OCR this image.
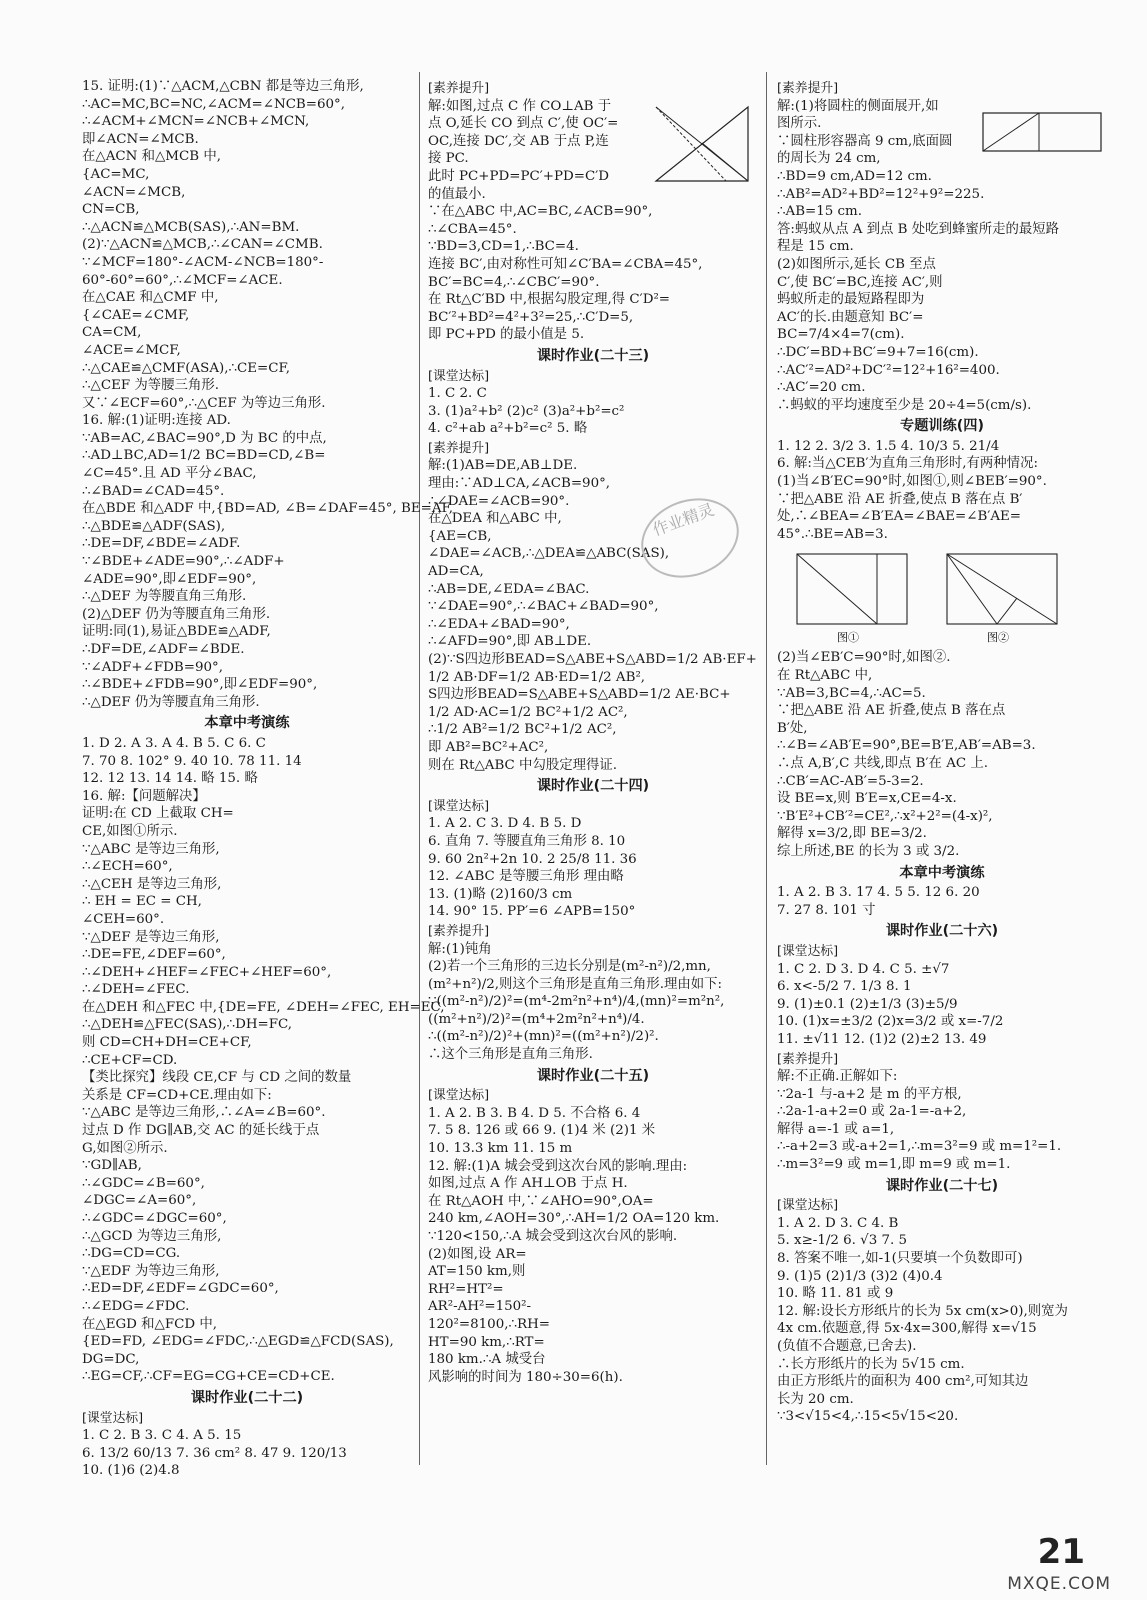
15. 证明:(1)∵△ACM,△CBN 都是等边三角形,
∴AC=MC,BC=NC,∠ACM=∠NCB=60°,
∴∠ACM+∠MCN=∠NCB+∠MCN,
即∠ACN=∠MCB.
在△ACN 和△MCB 中,
{AC=MC,
∠ACN=∠MCB,
CN=CB,
∴△ACN≌△MCB(SAS),∴AN=BM.
(2)∵△ACN≌△MCB,∴∠CAN=∠CMB.
∵∠MCF=180°-∠ACM-∠NCB=180°-
60°-60°=60°,∴∠MCF=∠ACE.
在△CAE 和△CMF 中,
{∠CAE=∠CMF,
CA=CM,
∠ACE=∠MCF,
∴△CAE≌△CMF(ASA),∴CE=CF,
∴△CEF 为等腰三角形.
又∵∠ECF=60°,∴△CEF 为等边三角形.
16. 解:(1)证明:连接 AD.
∵AB=AC,∠BAC=90°,D 为 BC 的中点,
∴AD⊥BC,AD=1/2 BC=BD=CD,∠B=
∠C=45°.且 AD 平分∠BAC,
∴∠BAD=∠CAD=45°.
在△BDE 和△ADF 中,{BD=AD, ∠B=∠DAF=45°, BE=AF,
∴△BDE≌△ADF(SAS),
∴DE=DF,∠BDE=∠ADF.
∵∠BDE+∠ADE=90°,∴∠ADF+
∠ADE=90°,即∠EDF=90°,
∴△DEF 为等腰直角三角形.
(2)△DEF 仍为等腰直角三角形.
证明:同(1),易证△BDE≌△ADF,
∴DF=DE,∠ADF=∠BDE.
∵∠ADF+∠FDB=90°,
∴∠BDE+∠FDB=90°,即∠EDF=90°,
∴△DEF 仍为等腰直角三角形.
本章中考演练
1. D 2. A 3. A 4. B 5. C 6. C
7. 70 8. 102° 9. 40 10. 78 11. 14
12. 12 13. 14 14. 略 15. 略
16. 解:【问题解决】
证明:在 CD 上截取 CH=
CE,如图①所示.
∵△ABC 是等边三角形,
∴∠ECH=60°,
∴△CEH 是等边三角形,
∴ EH = EC = CH,
∠CEH=60°.
∵△DEF 是等边三角形,
∴DE=FE,∠DEF=60°,
∴∠DEH+∠HEF=∠FEC+∠HEF=60°,
∴∠DEH=∠FEC.
在△DEH 和△FEC 中,{DE=FE, ∠DEH=∠FEC, EH=EC,
∴△DEH≌△FEC(SAS),∴DH=FC,
则 CD=CH+DH=CE+CF,
∴CE+CF=CD.
【类比探究】线段 CE,CF 与 CD 之间的数量
关系是 CF=CD+CE.理由如下:
∵△ABC 是等边三角形,∴∠A=∠B=60°.
过点 D 作 DG∥AB,交 AC 的延长线于点
G,如图②所示.
∵GD∥AB,
∴∠GDC=∠B=60°,
∠DGC=∠A=60°,
∴∠GDC=∠DGC=60°,
∴△GCD 为等边三角形,
∴DG=CD=CG.
∵△EDF 为等边三角形,
∴ED=DF,∠EDF=∠GDC=60°,
∴∠EDG=∠FDC.
在△EGD 和△FCD 中,
{ED=FD, ∠EDG=∠FDC,∴△EGD≌△FCD(SAS),
DG=DC,
∴EG=CF,∴CF=EG=CG+CE=CD+CE.
课时作业(二十二)
[课堂达标]
1. C 2. B 3. C 4. A 5. 15
6. 13/2 60/13 7. 36 cm² 8. 47 9. 120/13
10. (1)6 (2)4.8
[素养提升]
解:如图,过点 C 作 CO⊥AB 于
点 O,延长 CO 到点 C′,使 OC′=
OC,连接 DC′,交 AB 于点 P,连
接 PC.
此时 PC+PD=PC′+PD=C′D
的值最小.
∵在△ABC 中,AC=BC,∠ACB=90°,
∴∠CBA=45°.
∵BD=3,CD=1,∴BC=4.
连接 BC′,由对称性可知∠C′BA=∠CBA=45°,
BC′=BC=4,∴∠CBC′=90°.
在 Rt△C′BD 中,根据勾股定理,得 C′D²=
BC′²+BD²=4²+3²=25,∴C′D=5,
即 PC+PD 的最小值是 5.
课时作业(二十三)
[课堂达标]
1. C 2. C
3. (1)a²+b² (2)c² (3)a²+b²=c²
4. c²+ab a²+b²=c² 5. 略
[素养提升]
解:(1)AB=DE,AB⊥DE.
理由:∵AD⊥CA,∠ACB=90°,
∴∠DAE=∠ACB=90°.
在△DEA 和△ABC 中,
{AE=CB,
∠DAE=∠ACB,∴△DEA≌△ABC(SAS),
AD=CA,
∴AB=DE,∠EDA=∠BAC.
∵∠DAE=90°,∴∠BAC+∠BAD=90°,
∴∠EDA+∠BAD=90°,
∴∠AFD=90°,即 AB⊥DE.
(2)∵S四边形BEAD=S△ABE+S△ABD=1/2 AB·EF+
1/2 AB·DF=1/2 AB·ED=1/2 AB²,
S四边形BEAD=S△ABE+S△ABD=1/2 AE·BC+
1/2 AD·AC=1/2 BC²+1/2 AC²,
∴1/2 AB²=1/2 BC²+1/2 AC²,
即 AB²=BC²+AC²,
则在 Rt△ABC 中勾股定理得证.
课时作业(二十四)
[课堂达标]
1. A 2. C 3. D 4. B 5. D
6. 直角 7. 等腰直角三角形 8. 10
9. 60 2n²+2n 10. 2 25/8 11. 36
12. ∠ABC 是等腰三角形 理由略
13. (1)略 (2)160/3 cm
14. 90° 15. PP′=6 ∠APB=150°
[素养提升]
解:(1)钝角
(2)若一个三角形的三边长分别是(m²-n²)/2,mn,
(m²+n²)/2,则这个三角形是直角三角形.理由如下:
∵((m²-n²)/2)²=(m⁴-2m²n²+n⁴)/4,(mn)²=m²n²,
((m²+n²)/2)²=(m⁴+2m²n²+n⁴)/4.
∴((m²-n²)/2)²+(mn)²=((m²+n²)/2)².
∴这个三角形是直角三角形.
课时作业(二十五)
[课堂达标]
1. A 2. B 3. B 4. D 5. 不合格 6. 4
7. 5 8. 126 或 66 9. (1)4 米 (2)1 米
10. 13.3 km 11. 15 m
12. 解:(1)A 城会受到这次台风的影响.理由:
如图,过点 A 作 AH⊥OB 于点 H.
在 Rt△AOH 中,∵∠AHO=90°,OA=
240 km,∠AOH=30°,∴AH=1/2 OA=120 km.
∵120<150,∴A 城会受到这次台风的影响.
(2)如图,设 AR=
AT=150 km,则
RH²=HT²=
AR²-AH²=150²-
120²=8100,∴RH=
HT=90 km,∴RT=
180 km.∴A 城受台
风影响的时间为 180÷30=6(h).
[素养提升]
解:(1)将圆柱的侧面展开,如
图所示.
∵圆柱形容器高 9 cm,底面圆
的周长为 24 cm,
∴BD=9 cm,AD=12 cm.
∴AB²=AD²+BD²=12²+9²=225.
∴AB=15 cm.
答:蚂蚁从点 A 到点 B 处吃到蜂蜜所走的最短路
程是 15 cm.
(2)如图所示,延长 CB 至点
C′,使 BC′=BC,连接 AC′,则
蚂蚁所走的最短路程即为
AC′的长.由题意知 BC′=
BC=7/4×4=7(cm).
∴DC′=BD+BC′=9+7=16(cm).
∴AC′²=AD²+DC′²=12²+16²=400.
∴AC′=20 cm.
∴蚂蚁的平均速度至少是 20÷4=5(cm/s).
专题训练(四)
1. 12 2. 3/2 3. 1.5 4. 10/3 5. 21/4
6. 解:当△CEB′为直角三角形时,有两种情况:
(1)当∠B′EC=90°时,如图①,则∠BEB′=90°.
∵把△ABE 沿 AE 折叠,使点 B 落在点 B′
处,∴∠BEA=∠B′EA=∠BAE=∠B′AE=
45°.∴BE=AB=3.
图①	图②
(2)当∠EB′C=90°时,如图②.
在 Rt△ABC 中,
∵AB=3,BC=4,∴AC=5.
∵把△ABE 沿 AE 折叠,使点 B 落在点
B′处,
∴∠B=∠AB′E=90°,BE=B′E,AB′=AB=3.
∴点 A,B′,C 共线,即点 B′在 AC 上.
∴CB′=AC-AB′=5-3=2.
设 BE=x,则 B′E=x,CE=4-x.
∵B′E²+CB′²=CE²,∴x²+2²=(4-x)²,
解得 x=3/2,即 BE=3/2.
综上所述,BE 的长为 3 或 3/2.
本章中考演练
1. A 2. B 3. 17 4. 5 5. 12 6. 20
7. 27 8. 101 寸
课时作业(二十六)
[课堂达标]
1. C 2. D 3. D 4. C 5. ±√7
6. x<-5/2 7. 1/3 8. 1
9. (1)±0.1 (2)±1/3 (3)±5/9
10. (1)x=±3/2 (2)x=3/2 或 x=-7/2
11. ±√11 12. (1)2 (2)±2 13. 49
[素养提升]
解:不正确.正解如下:
∵2a-1 与-a+2 是 m 的平方根,
∴2a-1-a+2=0 或 2a-1=-a+2,
解得 a=-1 或 a=1,
∴-a+2=3 或-a+2=1,∴m=3²=9 或 m=1²=1.
∴m=3²=9 或 m=1,即 m=9 或 m=1.
课时作业(二十七)
[课堂达标]
1. A 2. D 3. C 4. B
5. x≥-1/2 6. √3 7. 5
8. 答案不唯一,如-1(只要填一个负数即可)
9. (1)5 (2)1/3 (3)2 (4)0.4
10. 略 11. 81 或 9
12. 解:设长方形纸片的长为 5x cm(x>0),则宽为
4x cm.依题意,得 5x·4x=300,解得 x=√15
(负值不合题意,已舍去).
∴长方形纸片的长为 5√15 cm.
由正方形纸片的面积为 400 cm²,可知其边
长为 20 cm.
∵3<√15<4,∴15<5√15<20.
作业精灵
21
MXQE.COM
